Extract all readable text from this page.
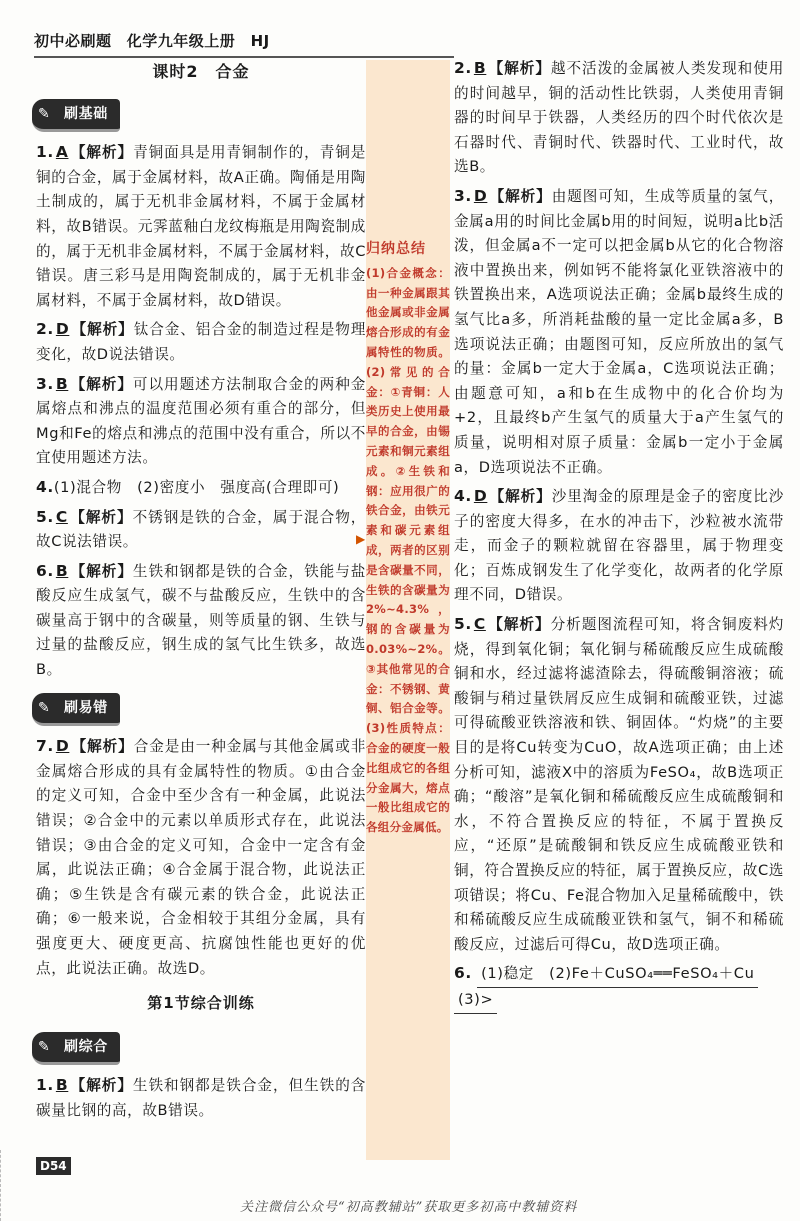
初中必刷题 化学九年级上册 HJ
课时2　合金
✎ 刷基础
1. A 【解析】青铜面具是用青铜制作的，青铜是铜的合金，属于金属材料，故A正确。陶俑是用陶土制成的，属于无机非金属材料，不属于金属材料，故B错误。元霁蓝釉白龙纹梅瓶是用陶瓷制成的，属于无机非金属材料，不属于金属材料，故C错误。唐三彩马是用陶瓷制成的，属于无机非金属材料，不属于金属材料，故D错误。
2. D 【解析】钛合金、铝合金的制造过程是物理变化，故D说法错误。
3. B 【解析】可以用题述方法制取合金的两种金属熔点和沸点的温度范围必须有重合的部分，但Mg和Fe的熔点和沸点的范围中没有重合，所以不宜使用题述方法。
4.(1)混合物　(2)密度小　强度高(合理即可)
5. C 【解析】不锈钢是铁的合金，属于混合物，故C说法错误。
6. B 【解析】生铁和钢都是铁的合金，铁能与盐酸反应生成氢气，碳不与盐酸反应，生铁中的含碳量高于钢中的含碳量，则等质量的钢、生铁与过量的盐酸反应，钢生成的氢气比生铁多，故选B。
✎ 刷易错
7. D 【解析】合金是由一种金属与其他金属或非金属熔合形成的具有金属特性的物质。①由合金的定义可知，合金中至少含有一种金属，此说法错误；②合金中的元素以单质形式存在，此说法错误；③由合金的定义可知，合金中一定含有金属，此说法正确；④合金属于混合物，此说法正确；⑤生铁是含有碳元素的铁合金，此说法正确；⑥一般来说，合金相较于其组分金属，具有强度更大、硬度更高、抗腐蚀性能也更好的优点，此说法正确。故选D。
第1节综合训练
✎ 刷综合
1. B 【解析】生铁和钢都是铁合金，但生铁的含碳量比钢的高，故B错误。
归纳总结
(1)合金概念：由一种金属跟其他金属或非金属熔合形成的有金属特性的物质。(2)常见的合金：①青铜：人类历史上使用最早的合金，由锡元素和铜元素组成。②生铁和钢：应用很广的铁合金，由铁元素和碳元素组成，两者的区别是含碳量不同，生铁的含碳量为2%~4.3%，钢的含碳量为0.03%~2%。③其他常见的合金：不锈钢、黄铜、铝合金等。(3)性质特点：合金的硬度一般比组成它的各组分金属大，熔点一般比组成它的各组分金属低。
▶
2. B 【解析】越不活泼的金属被人类发现和使用的时间越早，铜的活动性比铁弱，人类使用青铜器的时间早于铁器，人类经历的四个时代依次是石器时代、青铜时代、铁器时代、工业时代，故选B。
3. D 【解析】由题图可知，生成等质量的氢气，金属a用的时间比金属b用的时间短，说明a比b活泼，但金属a不一定可以把金属b从它的化合物溶液中置换出来，例如钙不能将氯化亚铁溶液中的铁置换出来，A选项说法正确；金属b最终生成的氢气比a多，所消耗盐酸的量一定比金属a多，B选项说法正确；由题图可知，反应所放出的氢气的量：金属b一定大于金属a，C选项说法正确；由题意可知，a和b在生成物中的化合价均为+2，且最终b产生氢气的质量大于a产生氢气的质量，说明相对原子质量：金属b一定小于金属a，D选项说法不正确。
4. D 【解析】沙里淘金的原理是金子的密度比沙子的密度大得多，在水的冲击下，沙粒被水流带走，而金子的颗粒就留在容器里，属于物理变化；百炼成钢发生了化学变化，故两者的化学原理不同，D错误。
5. C 【解析】分析题图流程可知，将含铜废料灼烧，得到氧化铜；氧化铜与稀硫酸反应生成硫酸铜和水，经过滤将滤渣除去，得硫酸铜溶液；硫酸铜与稍过量铁屑反应生成铜和硫酸亚铁，过滤可得硫酸亚铁溶液和铁、铜固体。“灼烧”的主要目的是将Cu转变为CuO，故A选项正确；由上述分析可知，滤液X中的溶质为FeSO₄，故B选项正确；“酸溶”是氧化铜和稀硫酸反应生成硫酸铜和水，不符合置换反应的特征，不属于置换反应，“还原”是硫酸铜和铁反应生成硫酸亚铁和铜，符合置换反应的特征，属于置换反应，故C选项错误；将Cu、Fe混合物加入足量稀硫酸中，铁和稀硫酸反应生成硫酸亚铁和氢气，铜不和稀硫酸反应，过滤后可得Cu，故D选项正确。
6. (1)稳定　(2)Fe＋CuSO₄══FeSO₄＋Cu
(3)>
D54
关注微信公众号“初高教辅站”获取更多初高中教辅资料
